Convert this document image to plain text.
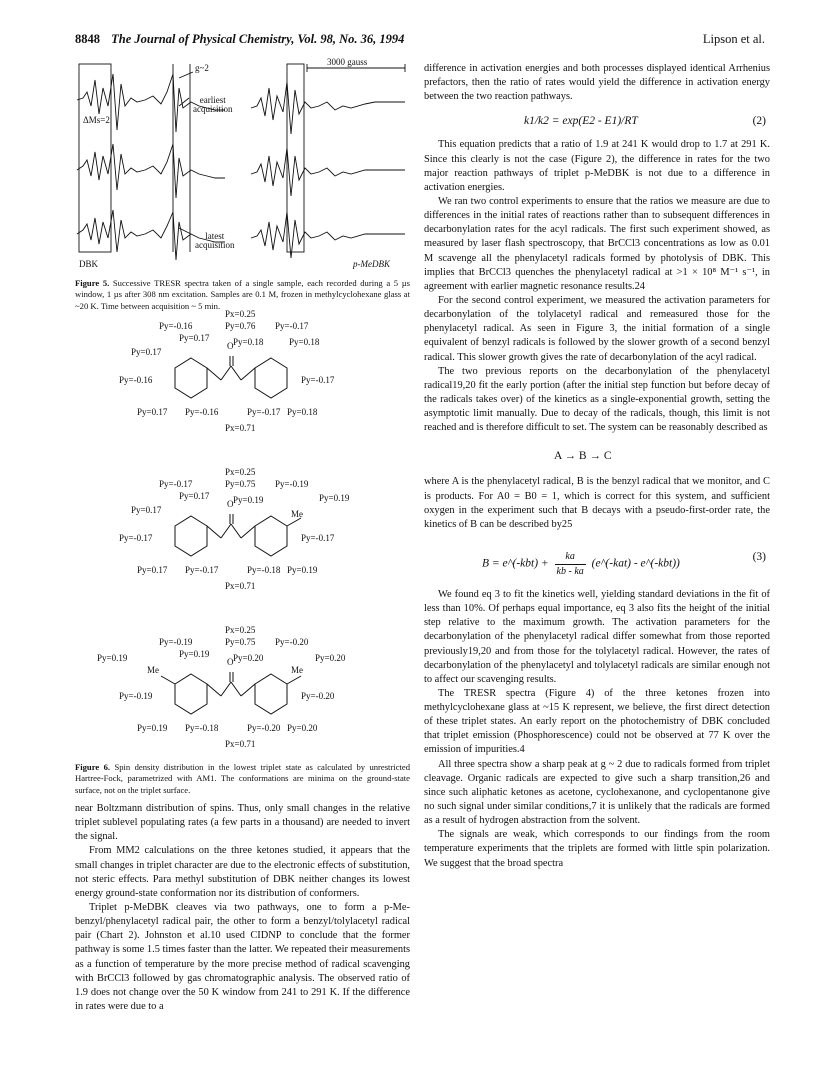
8848 The Journal of Physical Chemistry, Vol. 98, No. 36, 1994	Lipson et al.
g~2
3000 gauss
ΔMs=2
earliest
acquisition
latest
acquisition
DBK	p-MeDBK
Figure 5. Successive TRESR spectra taken of a single sample, each recorded during a 5 µs window, 1 µs after 308 nm excitation. Samples are 0.1 M, frozen in methylcyclohexane glass at ~20 K. Time between acquisition ~ 5 min.
Px=0.25
Py=0.76
Py=-0.16	Py=-0.17
Py=0.17	Py=0.18
Py=0.17
Py=0.18
Py=-0.16	Py=-0.17
Py=0.17 Py=-0.16	Py=-0.17 Py=0.18
Px=0.71
Px=0.25
Py=0.75
Py=-0.17	Py=-0.19
Py=0.17	Py=0.19
Py=0.17
Py=0.19
Me
Py=-0.17	Py=-0.17
Py=0.17 Py=-0.17	Py=-0.18 Py=0.19
Px=0.71
Px=0.25
Py=0.75
Py=-0.19	Py=-0.20
Py=0.19	Py=0.20
Py=0.19	Py=0.20
Me	Me
Py=-0.19	Py=-0.20
Py=0.19 Py=-0.18	Py=-0.20 Py=0.20
Px=0.71
O
O
O
Figure 6. Spin density distribution in the lowest triplet state as calculated by unrestricted Hartree-Fock, parametrized with AM1. The conformations are minima on the ground-state surface, not on the triplet surface.

near Boltzmann distribution of spins. Thus, only small changes in the relative triplet sublevel populating rates (a few parts in a thousand) are needed to invert the signal.

From MM2 calculations on the three ketones studied, it appears that the small changes in triplet character are due to the electronic effects of substitution, not steric effects. Para methyl substitution of DBK neither changes its lowest energy ground-state conformation nor its distribution of conformers.

Triplet p-MeDBK cleaves via two pathways, one to form a p-Me-benzyl/phenylacetyl radical pair, the other to form a benzyl/tolylacetyl radical pair (Chart 2). Johnston et al.10 used CIDNP to conclude that the former pathway is some 1.5 times faster than the latter. We repeated their measurements as a function of temperature by the more precise method of radical scavenging with BrCCl3 followed by gas chromatographic analysis. The observed ratio of 1.9 does not change over the 50 K window from 241 to 291 K. If the difference in rates were due to a

difference in activation energies and both processes displayed identical Arrhenius prefactors, then the ratio of rates would yield the difference in activation energy between the two reaction pathways.

k1/k2 = exp(E2 - E1)/RT	(2)

This equation predicts that a ratio of 1.9 at 241 K would drop to 1.7 at 291 K. Since this clearly is not the case (Figure 2), the difference in rates for the two major reaction pathways of triplet p-MeDBK is not due to a difference in activation energies.

We ran two control experiments to ensure that the ratios we measure are due to differences in the initial rates of reactions rather than to subsequent differences in decarbonylation rates for the acyl radicals. The first such experiment showed, as measured by laser flash spectroscopy, that BrCCl3 concentrations as low as 0.01 M scavenge all the phenylacetyl radicals formed by photolysis of DBK. This implies that BrCCl3 quenches the phenylacetyl radical at >1 × 10⁸ M⁻¹ s⁻¹, in agreement with earlier magnetic resonance results.24

For the second control experiment, we measured the activation parameters for decarbonylation of the tolylacetyl radical and remeasured those for the phenylacetyl radical. As seen in Figure 3, the initial formation of a single equivalent of benzyl radicals is followed by the slower growth of a second benzyl radical. This slower growth gives the rate of decarbonylation of the acyl radical.

The two previous reports on the decarbonylation of the phenylacetyl radical19,20 fit the early portion (after the initial step function but before decay of the radicals takes over) of the kinetics as a single-exponential growth, setting the asymptotic limit manually. Due to decay of the radicals, though, this limit is not reached and is therefore difficult to set. The system can be reasonably described as

A → B → C

where A is the phenylacetyl radical, B is the benzyl radical that we monitor, and C is products. For A0 = B0 = 1, which is correct for this system, and sufficient oxygen in the experiment such that B decays with a pseudo-first-order rate, the kinetics of B can be described by25

B = e^(-kbt) + $\frac{ka}{kb - ka}$ (e^(-kat) - e^(-kbt))
(3)

We found eq 3 to fit the kinetics well, yielding standard deviations in the fit of less than 10%. Of perhaps equal importance, eq 3 also fits the height of the initial step relative to the maximum growth. The activation parameters for the decarbonylation of the phenylacetyl radical differ somewhat from those reported previously19,20 and from those for the tolylacetyl radical. However, the rates of decarbonylation of the phenylacetyl and tolylacetyl radicals are similar enough not to affect our scavenging results.

The TRESR spectra (Figure 4) of the three ketones frozen into methylcyclohexane glass at ~15 K represent, we believe, the first direct detection of these triplet states. An early report on the photochemistry of DBK concluded that triplet emission (Phosphorescence) could not be observed at 77 K over the emission of impurities.4

All three spectra show a sharp peak at g ~ 2 due to radicals formed from triplet cleavage. Organic radicals are expected to give such a sharp transition,26 and since such aliphatic ketones as acetone, cyclohexanone, and cyclopentanone give no such signal under similar conditions,7 it is unlikely that the radicals are formed as a result of hydrogen abstraction from the solvent.

The signals are weak, which corresponds to our findings from the room temperature experiments that the triplets are formed with little spin polarization. We suggest that the broad spectra
